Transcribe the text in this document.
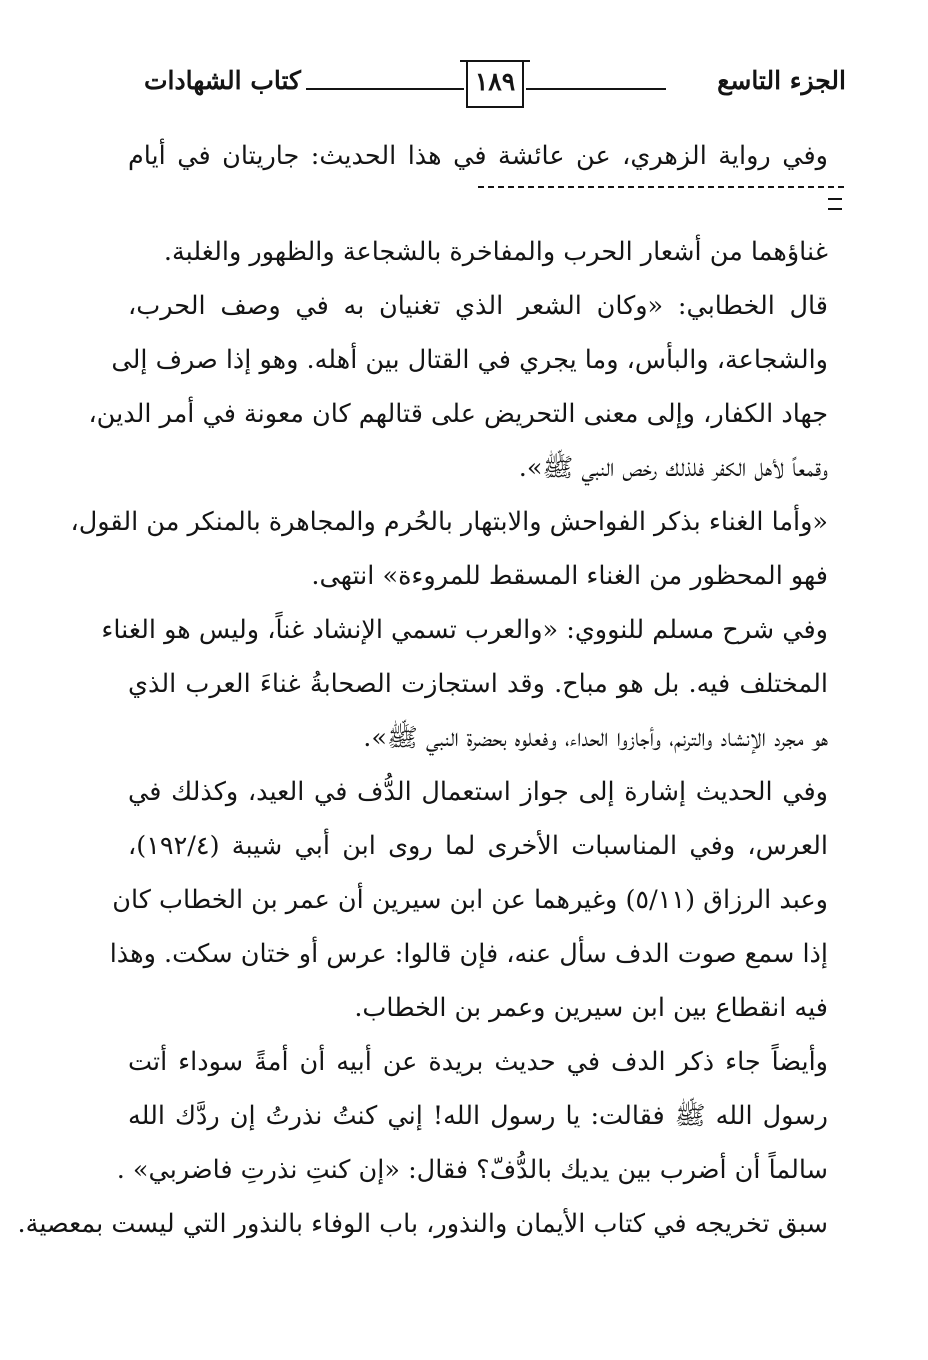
الجزء التاسع
١٨٩
كتاب الشهادات
وفي رواية الزهري، عن عائشة في هذا الحديث: جاريتان في أيام
غناؤهما من أشعار الحرب والمفاخرة بالشجاعة والظهور والغلبة.
قال الخطابي: «وكان الشعر الذي تغنيان به في وصف الحرب،
والشجاعة، والبأس، وما يجري في القتال بين أهله. وهو إذا صرف إلى
جهاد الكفار، وإلى معنى التحريض على قتالهم كان معونة في أمر الدين،
وقمعاً لأهل الكفر فلذلك رخص النبي ﷺ».
«وأما الغناء بذكر الفواحش والابتهار بالحُرم والمجاهرة بالمنكر من القول،
فهو المحظور من الغناء المسقط للمروءة» انتهى.
وفي شرح مسلم للنووي: «والعرب تسمي الإنشاد غناً، وليس هو الغناء
المختلف فيه. بل هو مباح. وقد استجازت الصحابةُ غناءَ العرب الذي
هو مجرد الإنشاد والترنم، وأجازوا الحداء، وفعلوه بحضرة النبي ﷺ».
وفي الحديث إشارة إلى جواز استعمال الدُّف في العيد، وكذلك في
العرس، وفي المناسبات الأخرى لما روى ابن أبي شيبة (١٩٢/٤)،
وعبد الرزاق (٥/١١) وغيرهما عن ابن سيرين أن عمر بن الخطاب كان
إذا سمع صوت الدف سأل عنه، فإن قالوا: عرس أو ختان سكت. وهذا
فيه انقطاع بين ابن سيرين وعمر بن الخطاب.
وأيضاً جاء ذكر الدف في حديث بريدة عن أبيه أن أمةً سوداء أتت
رسول الله ﷺ فقالت: يا رسول الله! إني كنتُ نذرتُ إن ردَّك الله
سالماً أن أضرب بين يديك بالدُّفّ؟ فقال: «إن كنتِ نذرتِ فاضربي» .
سبق تخريجه في كتاب الأيمان والنذور، باب الوفاء بالنذور التي ليست بمعصية.
